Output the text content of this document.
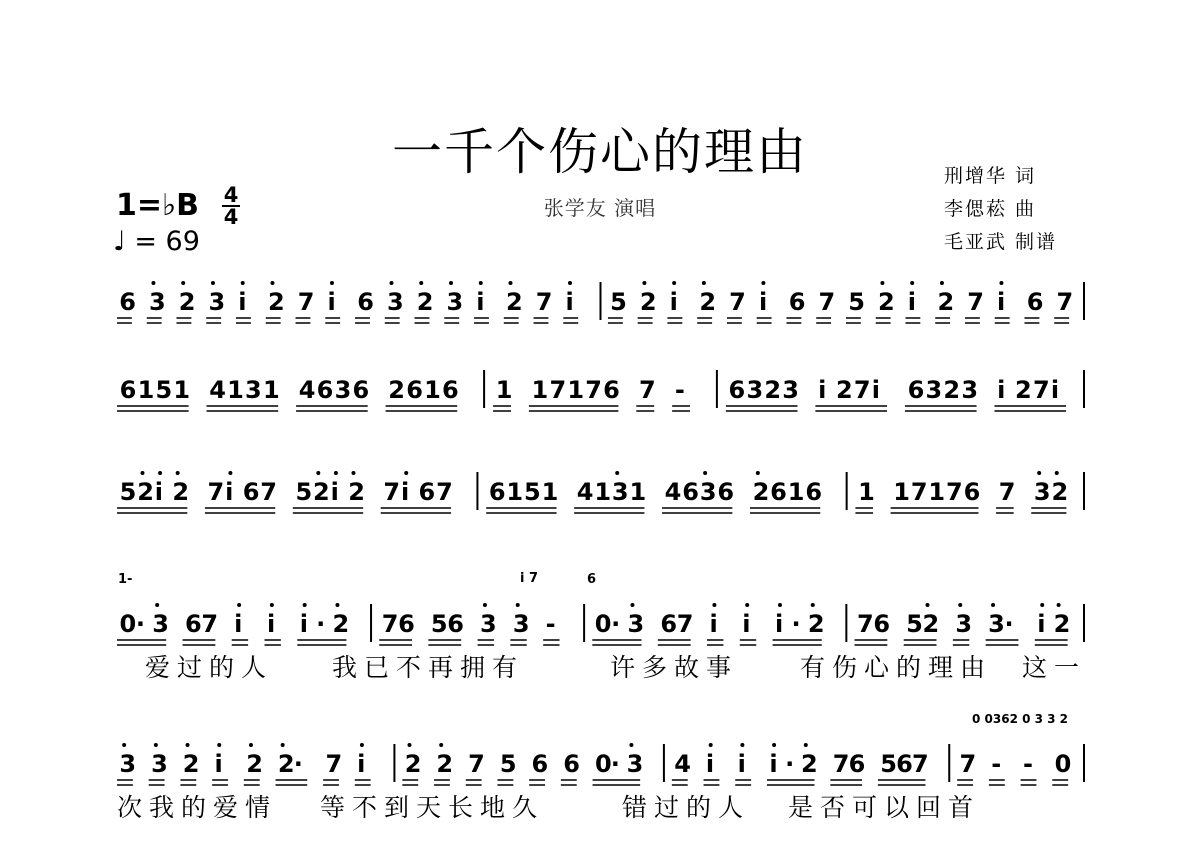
一千个伤心的理由
张学友 演唱
刑增华 词
李偲菘 曲
毛亚武 制谱
1=♭B 4
4
♩ = 69
6 3 2 3 i 2 7 i 6 3 2 3 i 2 7 i 5 2 i 2 7 i 6 7 5 2 i 2 7 i 6 7
6 1 5 1 4 1 3 1 4 6 3 6 2 6 1 6 1 1 7 1 7 6 7 - 6 3 2 3 i 2 7 i 6 3 2 3 i 2 7 i
5 2 i 2 7 i 6 7 5 2 i 2 7 i 6 7 6 1 5 1 4 1 3 1 4 6 3 6 2 6 1 6 1 1 7 1 7 6 7 3 2
0 · 3 6 7 i i i · 2 7 6 5 6 3 3 - 0 · 3 6 7 i i i · 2 7 6 5 2 3 3 · i 2
3 3 2 i 2 2 · 7 i 2 2 7 5 6 6 0 · 3 4 i i i · 2 7 6 5 6 7 7 - - 0
1-	i 7	6
0 0362 0 3 3 2
爱过的人 我已不再拥有	许多故事 有伤心的理由 这一
次我的爱情 等不到天长地久	错过的人 是否可以回首
